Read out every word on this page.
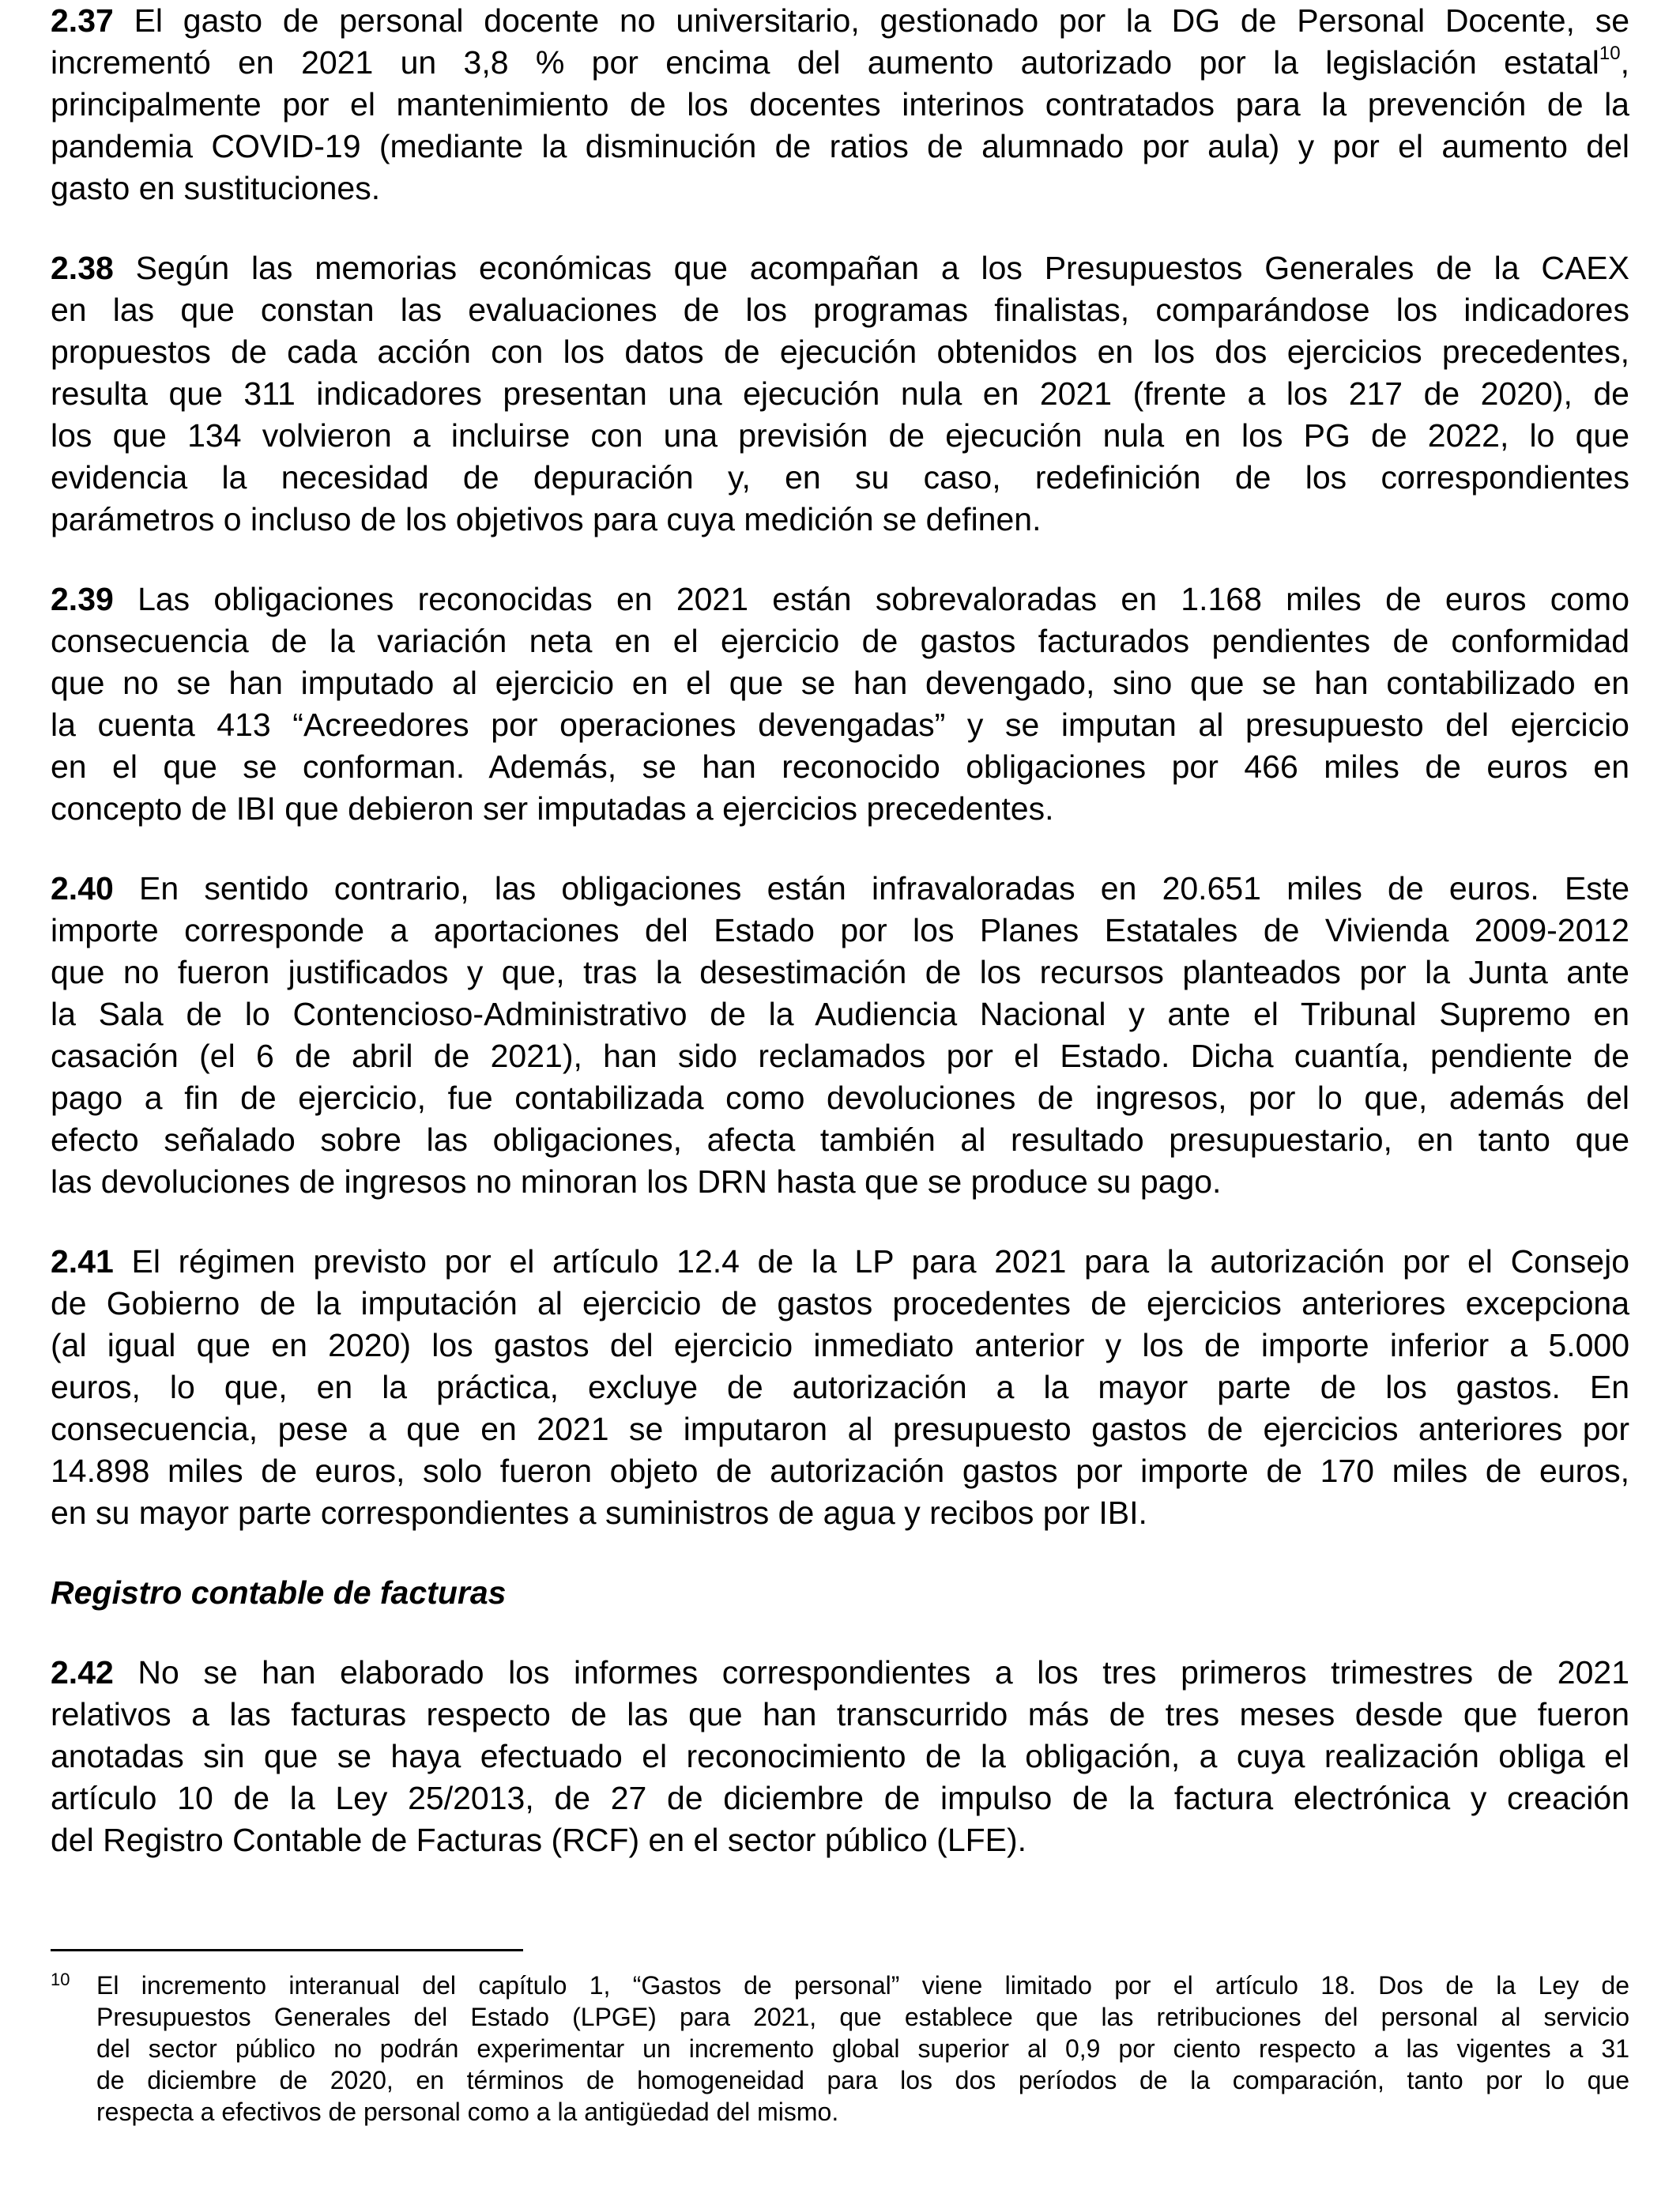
2.37 El gasto de personal docente no universitario, gestionado por la DG de Personal Docente, se
incrementó en 2021 un 3,8 % por encima del aumento autorizado por la legislación estatal$^{10}$,
principalmente por el mantenimiento de los docentes interinos contratados para la prevención de la
pandemia COVID-19 (mediante la disminución de ratios de alumnado por aula) y por el aumento del
gasto en sustituciones.
2.38 Según las memorias económicas que acompañan a los Presupuestos Generales de la CAEX
en las que constan las evaluaciones de los programas finalistas, comparándose los indicadores
propuestos de cada acción con los datos de ejecución obtenidos en los dos ejercicios precedentes,
resulta que 311 indicadores presentan una ejecución nula en 2021 (frente a los 217 de 2020), de
los que 134 volvieron a incluirse con una previsión de ejecución nula en los PG de 2022, lo que
evidencia la necesidad de depuración y, en su caso, redefinición de los correspondientes
parámetros o incluso de los objetivos para cuya medición se definen.
2.39 Las obligaciones reconocidas en 2021 están sobrevaloradas en 1.168 miles de euros como
consecuencia de la variación neta en el ejercicio de gastos facturados pendientes de conformidad
que no se han imputado al ejercicio en el que se han devengado, sino que se han contabilizado en
la cuenta 413 “Acreedores por operaciones devengadas” y se imputan al presupuesto del ejercicio
en el que se conforman. Además, se han reconocido obligaciones por 466 miles de euros en
concepto de IBI que debieron ser imputadas a ejercicios precedentes.
2.40 En sentido contrario, las obligaciones están infravaloradas en 20.651 miles de euros. Este
importe corresponde a aportaciones del Estado por los Planes Estatales de Vivienda 2009-2012
que no fueron justificados y que, tras la desestimación de los recursos planteados por la Junta ante
la Sala de lo Contencioso-Administrativo de la Audiencia Nacional y ante el Tribunal Supremo en
casación (el 6 de abril de 2021), han sido reclamados por el Estado. Dicha cuantía, pendiente de
pago a fin de ejercicio, fue contabilizada como devoluciones de ingresos, por lo que, además del
efecto señalado sobre las obligaciones, afecta también al resultado presupuestario, en tanto que
las devoluciones de ingresos no minoran los DRN hasta que se produce su pago.
2.41 El régimen previsto por el artículo 12.4 de la LP para 2021 para la autorización por el Consejo
de Gobierno de la imputación al ejercicio de gastos procedentes de ejercicios anteriores excepciona
(al igual que en 2020) los gastos del ejercicio inmediato anterior y los de importe inferior a 5.000
euros, lo que, en la práctica, excluye de autorización a la mayor parte de los gastos. En
consecuencia, pese a que en 2021 se imputaron al presupuesto gastos de ejercicios anteriores por
14.898 miles de euros, solo fueron objeto de autorización gastos por importe de 170 miles de euros,
en su mayor parte correspondientes a suministros de agua y recibos por IBI.
Registro contable de facturas
2.42 No se han elaborado los informes correspondientes a los tres primeros trimestres de 2021
relativos a las facturas respecto de las que han transcurrido más de tres meses desde que fueron
anotadas sin que se haya efectuado el reconocimiento de la obligación, a cuya realización obliga el
artículo 10 de la Ley 25/2013, de 27 de diciembre de impulso de la factura electrónica y creación
del Registro Contable de Facturas (RCF) en el sector público (LFE).
10 El incremento interanual del capítulo 1, “Gastos de personal” viene limitado por el artículo 18. Dos de la Ley de
Presupuestos Generales del Estado (LPGE) para 2021, que establece que las retribuciones del personal al servicio
del sector público no podrán experimentar un incremento global superior al 0,9 por ciento respecto a las vigentes a 31
de diciembre de 2020, en términos de homogeneidad para los dos períodos de la comparación, tanto por lo que
respecta a efectivos de personal como a la antigüedad del mismo.
